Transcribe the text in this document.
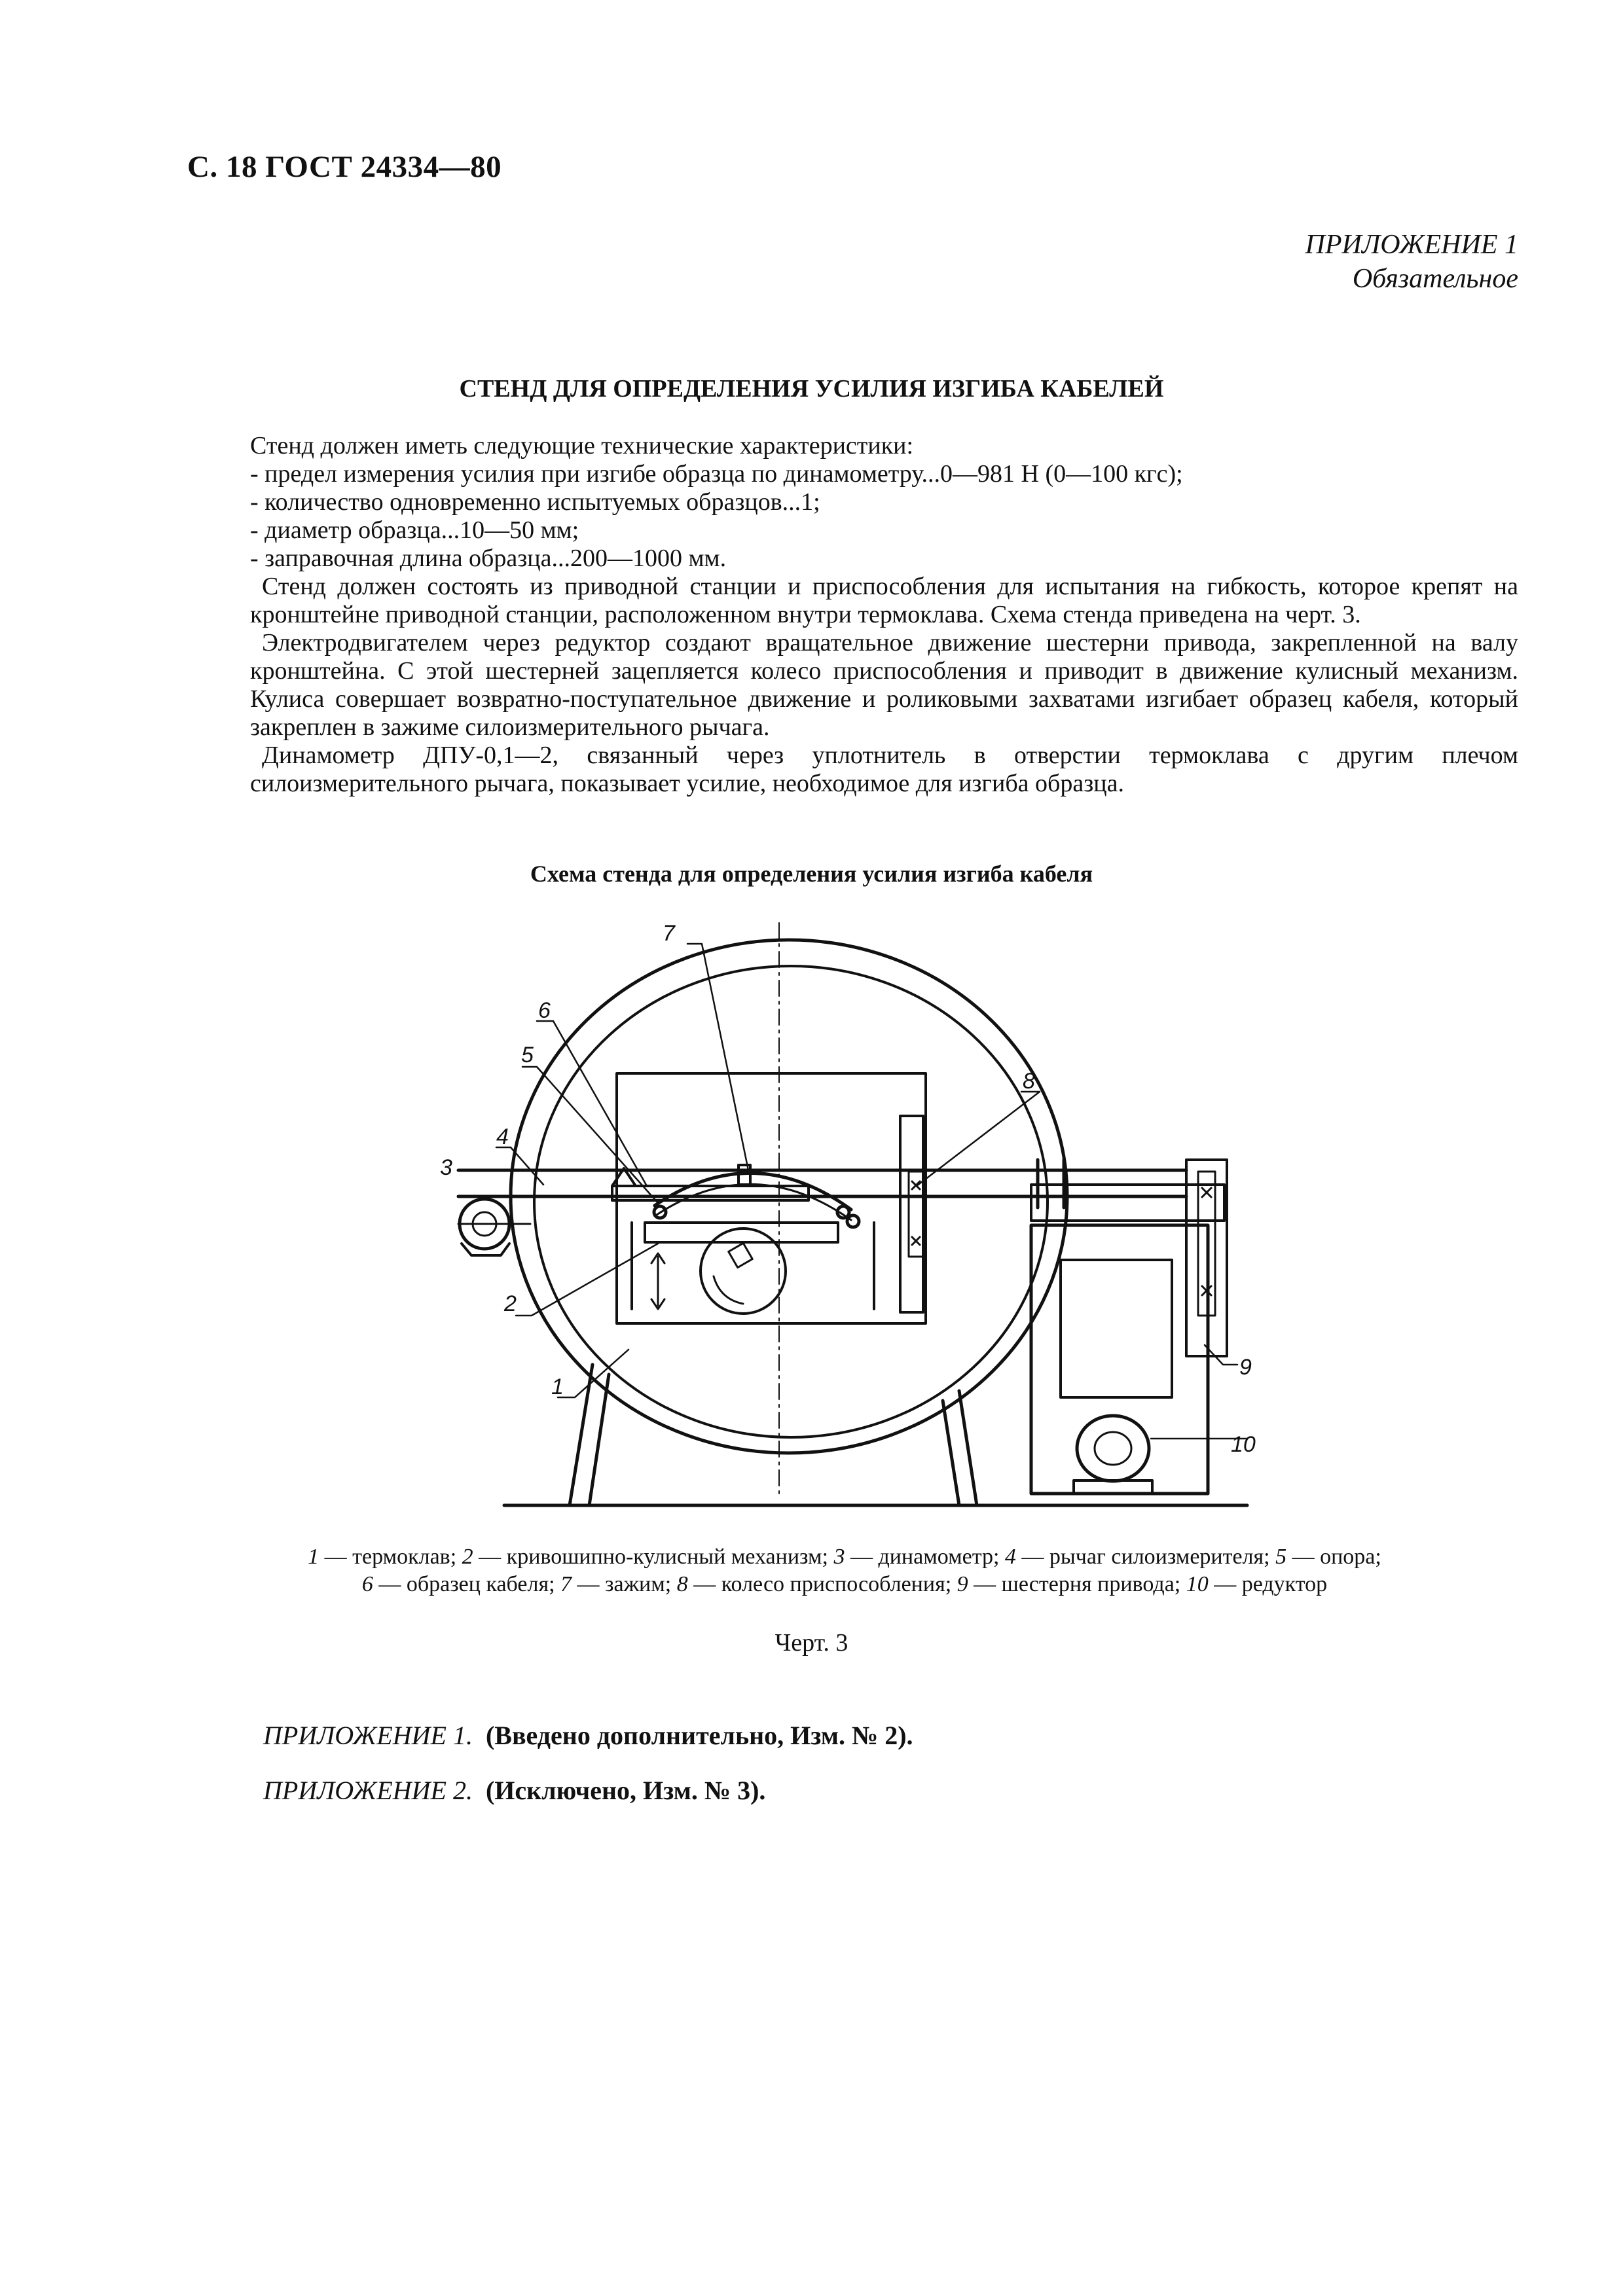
С. 18 ГОСТ 24334—80
ПРИЛОЖЕНИЕ 1
Обязательное
СТЕНД ДЛЯ ОПРЕДЕЛЕНИЯ УСИЛИЯ ИЗГИБА КАБЕЛЕЙ

Стенд должен иметь следующие технические характеристики:

- предел измерения усилия при изгибе образца по динамометру...0—981 Н (0—100 кгс);

- количество одновременно испытуемых образцов...1;

- диаметр образца...10—50 мм;

- заправочная длина образца...200—1000 мм.

Стенд должен состоять из приводной станции и приспособления для испытания на гибкость, которое крепят на кронштейне приводной станции, расположенном внутри термоклава. Схема стенда приведена на черт. 3.

Электродвигателем через редуктор создают вращательное движение шестерни привода, закрепленной на валу кронштейна. С этой шестерней зацепляется колесо приспособления и приводит в движение кулисный механизм. Кулиса совершает возвратно-поступательное движение и роликовыми захватами изгибает образец кабеля, который закреплен в зажиме силоизмерительного рычага.

Динамометр ДПУ-0,1—2, связанный через уплотнитель в отверстии термоклава с другим плечом силоизмерительного рычага, показывает усилие, необходимое для изгиба образца.

Схема стенда для определения усилия изгиба кабеля
7
6
5
8
4
3
2
1
9
10
1 — термоклав; 2 — кривошипно-кулисный механизм; 3 — динамометр; 4 — рычаг силоизмерителя; 5 — опора;
6 — образец кабеля; 7 — зажим; 8 — колесо приспособления; 9 — шестерня привода; 10 — редуктор
Черт. 3
ПРИЛОЖЕНИЕ 1. (Введено дополнительно, Изм. № 2).
ПРИЛОЖЕНИЕ 2. (Исключено, Изм. № 3).
